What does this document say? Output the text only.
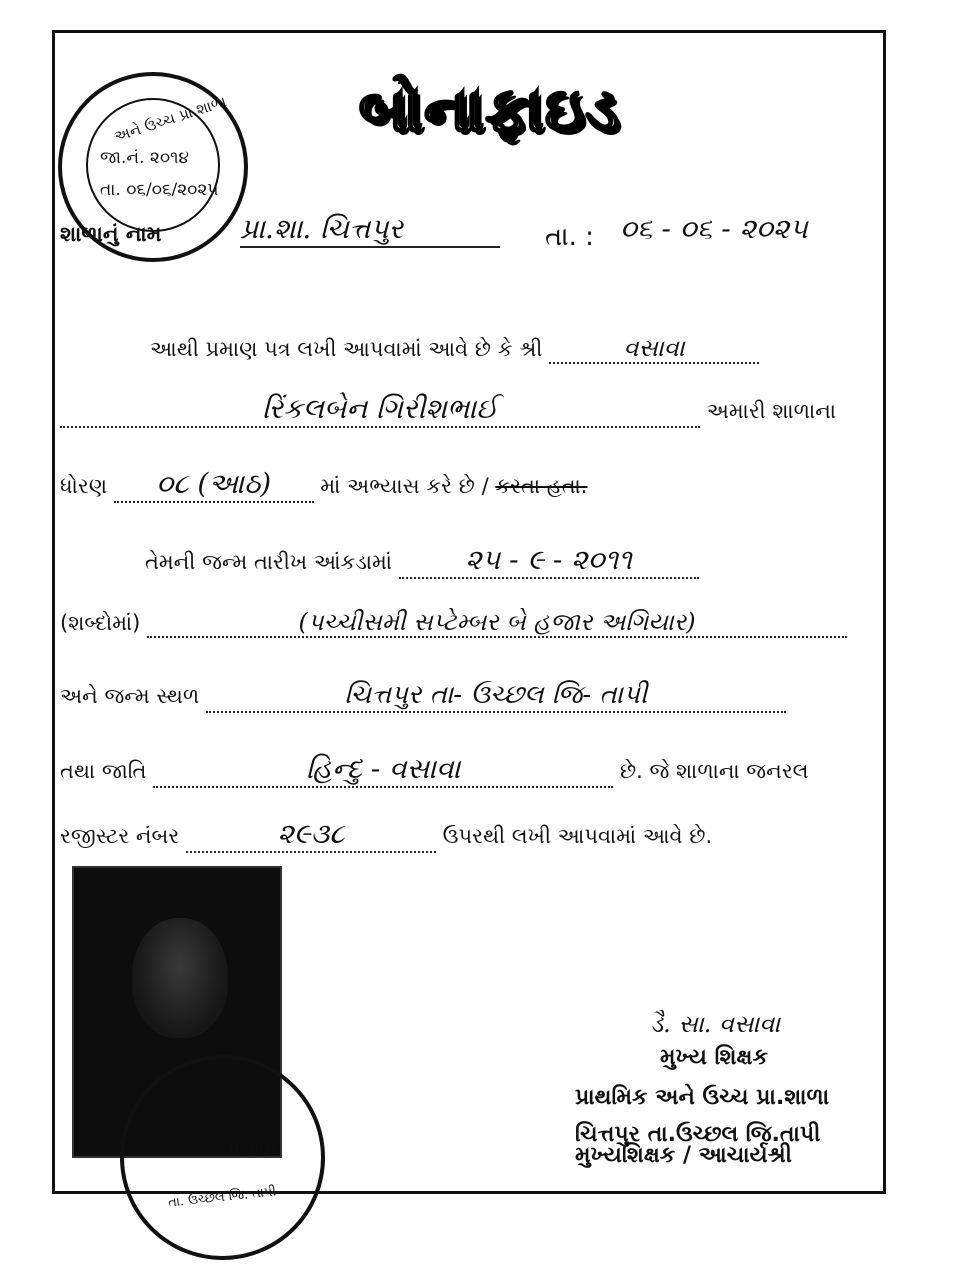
બોનાફાઇડ
અને ઉચ્ચ પ્રા.શાળા
જા.નં. ૨૦૧૪
તા. ૦૬/૦૬/૨૦૨૫
શાળાનું નામ	પ્રા.શા. ચિત્તપુર	તા. : ૦૬ - ૦૬ - ૨૦૨૫
આથી પ્રમાણ પત્ર લખી આપવામાં આવે છે કે શ્રી	વસાવા
રિંકલબેન ગિરીશભાઈ	અમારી શાળાના
ધોરણ ૦૮ (આઠ) માં અભ્યાસ કરે છે / કરતા હતા.
તેમની જન્મ તારીખ આંકડામાં	૨૫ - ૯ - ૨૦૧૧
(શબ્દોમાં)	(પચ્ચીસમી સપ્ટેમ્બર બે હજાર અગિયાર)
અને જન્મ સ્થળ	ચિત્તપુર તા- ઉચ્છલ જિ- તાપી
તથા જાતિ	હિન્દુ - વસાવા	છે. જે શાળાના જનરલ
રજીસ્ટર નંબર	૨૯૩૮	ઉપરથી લખી આપવામાં આવે છે.
10/2021
તા. ઉચ્છલ જિ. તાપી
ડૈ. સા. વસાવા
મુખ્ય શિક્ષક
પ્રાથમિક અને ઉચ્ચ પ્રા.શાળા
ચિત્તપુર તા.ઉચ્છલ જિ.તાપી
મુખ્યશિક્ષક / આચાર્યશ્રી
